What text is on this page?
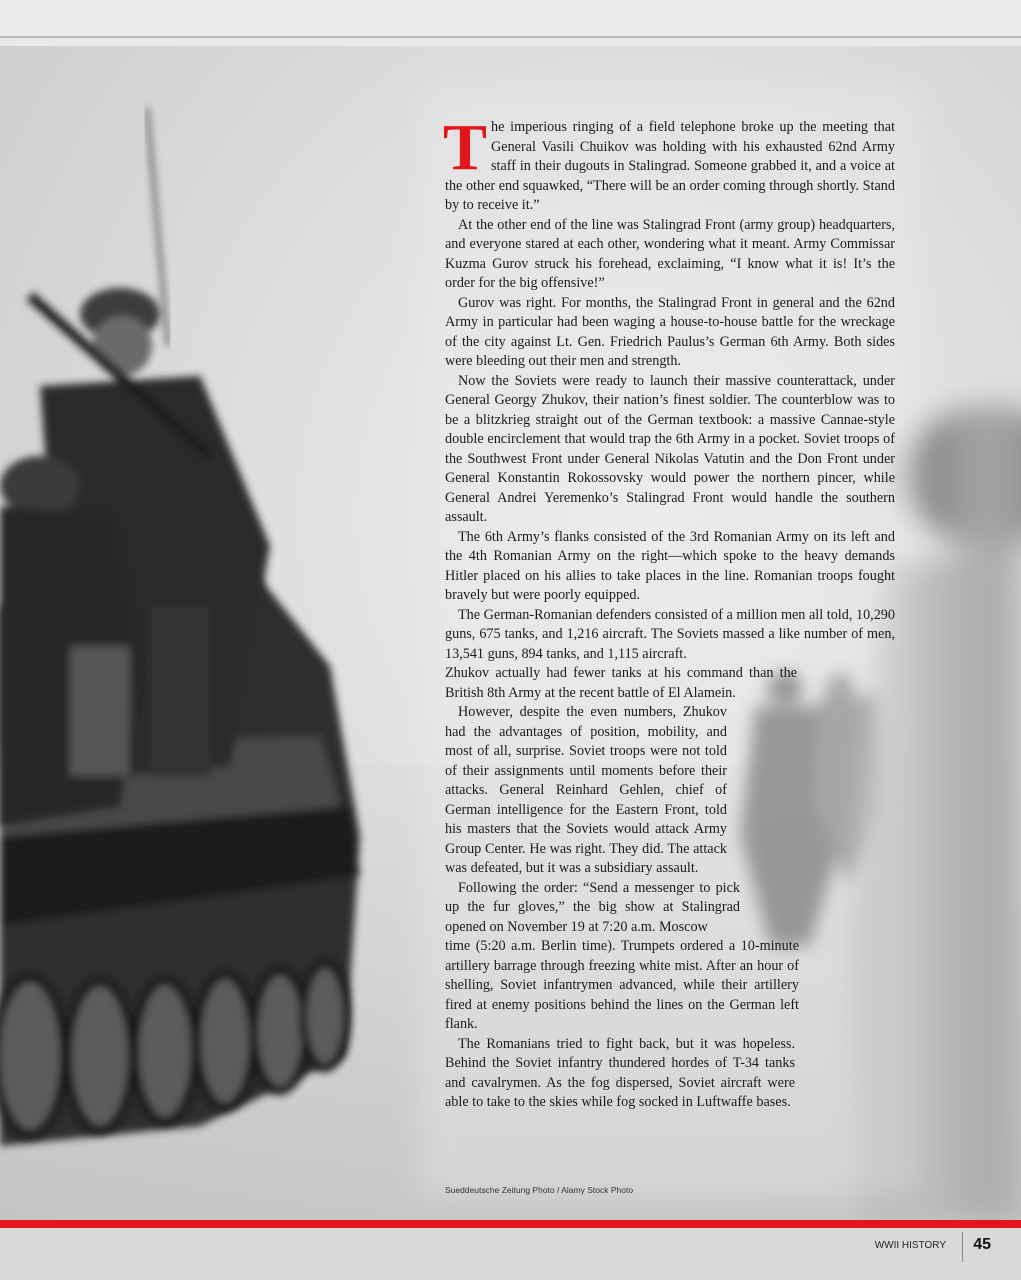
The imperious ringing of a field telephone broke up the meeting that General Vasili Chuikov was holding with his exhausted 62nd Army staff in their dugouts in Stalingrad. Someone grabbed it, and a voice at the other end squawked, “There will be an order coming through shortly. Stand by to receive it.”

At the other end of the line was Stalingrad Front (army group) headquarters, and everyone stared at each other, wondering what it meant. Army Commissar Kuzma Gurov struck his forehead, exclaiming, “I know what it is! It’s the order for the big offensive!”

Gurov was right. For months, the Stalingrad Front in general and the 62nd Army in particular had been waging a house-to-house battle for the wreckage of the city against Lt. Gen. Friedrich Paulus’s German 6th Army. Both sides were bleeding out their men and strength.

Now the Soviets were ready to launch their massive counterattack, under General Georgy Zhukov, their nation’s finest soldier. The counterblow was to be a blitzkrieg straight out of the German textbook: a massive Cannae-style double encirclement that would trap the 6th Army in a pocket. Soviet troops of the Southwest Front under General Nikolas Vatutin and the Don Front under General Konstantin Rokossovsky would power the northern pincer, while General Andrei Yeremenko’s Stalingrad Front would handle the southern assault.

The 6th Army’s flanks consisted of the 3rd Romanian Army on its left and the 4th Romanian Army on the right—which spoke to the heavy demands Hitler placed on his allies to take places in the line. Romanian troops fought bravely but were poorly equipped.

The German-Romanian defenders consisted of a million men all told, 10,290 guns, 675 tanks, and 1,216 aircraft. The Soviets massed a like number of men, 13,541 guns, 894 tanks, and 1,115 aircraft.

Zhukov actually had fewer tanks at his command than the British 8th Army at the recent battle of El Alamein.

However, despite the even numbers, Zhukov had the advantages of position, mobility, and most of all, surprise. Soviet troops were not told of their assignments until moments before their attacks. General Reinhard Gehlen, chief of German intelligence for the Eastern Front, told his masters that the Soviets would attack Army Group Center. He was right. They did. The attack was defeated, but it was a subsidiary assault.

Following the order: “Send a messenger to pick up the fur gloves,” the big show at Stalingrad opened on November 19 at 7:20 a.m. Moscow

time (5:20 a.m. Berlin time). Trumpets ordered a 10-minute artillery barrage through freezing white mist. After an hour of shelling, Soviet infantrymen advanced, while their artillery fired at enemy positions behind the lines on the German left flank.

The Romanians tried to fight back, but it was hopeless. Behind the Soviet infantry thundered hordes of T-34 tanks and cavalrymen. As the fog dispersed, Soviet aircraft were able to take to the skies while fog socked in Luftwaffe bases.

Sueddeutsche Zeitung Photo / Alamy Stock Photo
WWII HISTORY 45
